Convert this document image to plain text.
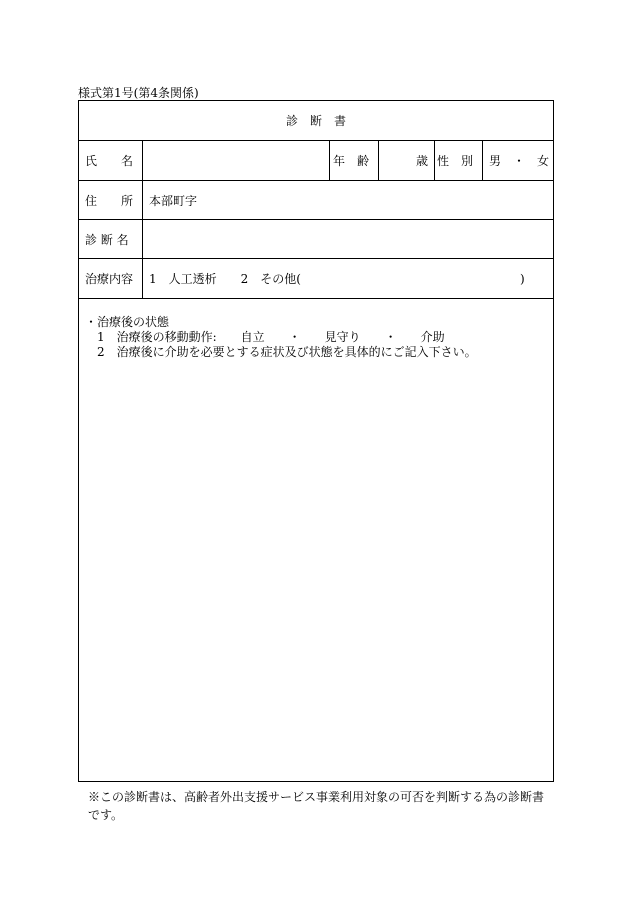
様式第1号(第4条関係)
診　断　書
氏　　名	年　齢	歳 性　別 男　・　女
住　　所 本部町字
診 断 名
治療内容 1　人工透析　　2　その他(	)
・治療後の状態
1　治療後の移動動作:　　自立　　・　　見守り　　・　　介助
2　治療後に介助を必要とする症状及び状態を具体的にご記入下さい。
※この診断書は、高齢者外出支援サービス事業利用対象の可否を判断する為の診断書です。
